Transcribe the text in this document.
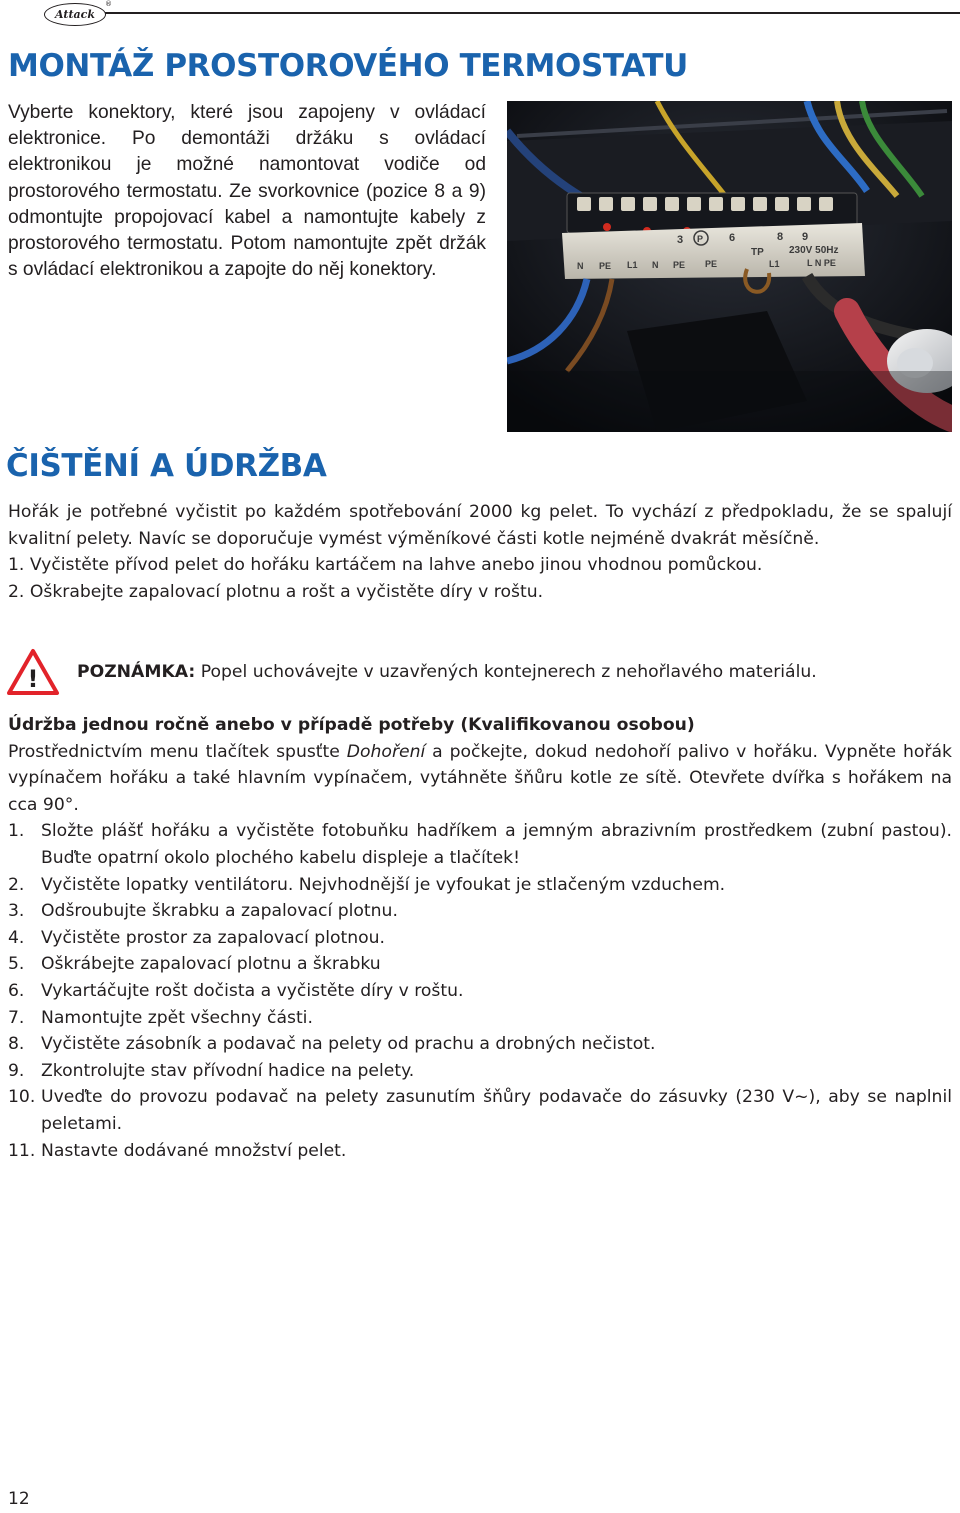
Attack
®
MONTÁŽ PROSTOROVÉHO TERMOSTATU

Vyberte konektory, které jsou zapojeny v ovládací elektronice. Po demontáži držáku s ovládací elektronikou je možné namontovat vodiče od prostorového termostatu. Ze svorkovnice (pozice 8 a 9) odmontujte propojovací kabel a namontujte kabely z prostorového termostatu. Potom namontujte zpět držák s ovládací elektronikou a zapojte do něj konektory.

3	6	8 9
P
TP	230V 50Hz
N PE L1 N PE PE	L1	L N PE
ČIŠTĚNÍ A ÚDRŽBA

Hořák je potřebné vyčistit po každém spotřebování 2000 kg pelet. To vychází z předpokladu, že se spalují kvalitní pelety. Navíc se doporučuje vymést výměníkové části kotle nejméně dvakrát měsíčně.

1. Vyčistěte přívod pelet do hořáku kartáčem na lahve anebo jinou vhodnou pomůckou.

2. Oškrabejte zapalovací plotnu a rošt a vyčistěte díry v roštu.

! POZNÁMKA: Popel uchovávejte v uzavřených kontejnerech z nehořlavého materiálu.

Údržba jednou ročně anebo v případě potřeby (Kvalifikovanou osobou)

Prostřednictvím menu tlačítek spusťte Dohoření a počkejte, dokud nedohoří palivo v hořáku. Vypněte hořák vypínačem hořáku a také hlavním vypínačem, vytáhněte šňůru kotle ze sítě. Otevřete dvířka s hořákem na cca 90°.

1. Složte plášť hořáku a vyčistěte fotobuňku hadříkem a jemným abrazivním prostředkem (zubní pastou). Buďte opatrní okolo plochého kabelu displeje a tlačítek!
2. Vyčistěte lopatky ventilátoru. Nejvhodnější je vyfoukat je stlačeným vzduchem.
3. Odšroubujte škrabku a zapalovací plotnu.
4. Vyčistěte prostor za zapalovací plotnou.
5. Oškrábejte zapalovací plotnu a škrabku
6. Vykartáčujte rošt dočista a vyčistěte díry v roštu.
7. Namontujte zpět všechny části.
8. Vyčistěte zásobník a podavač na pelety od prachu a drobných nečistot.
9. Zkontrolujte stav přívodní hadice na pelety.
10. Uveďte do provozu podavač na pelety zasunutím šňůry podavače do zásuvky (230 V~), aby se naplnil peletami.
11. Nastavte dodávané množství pelet.
12
